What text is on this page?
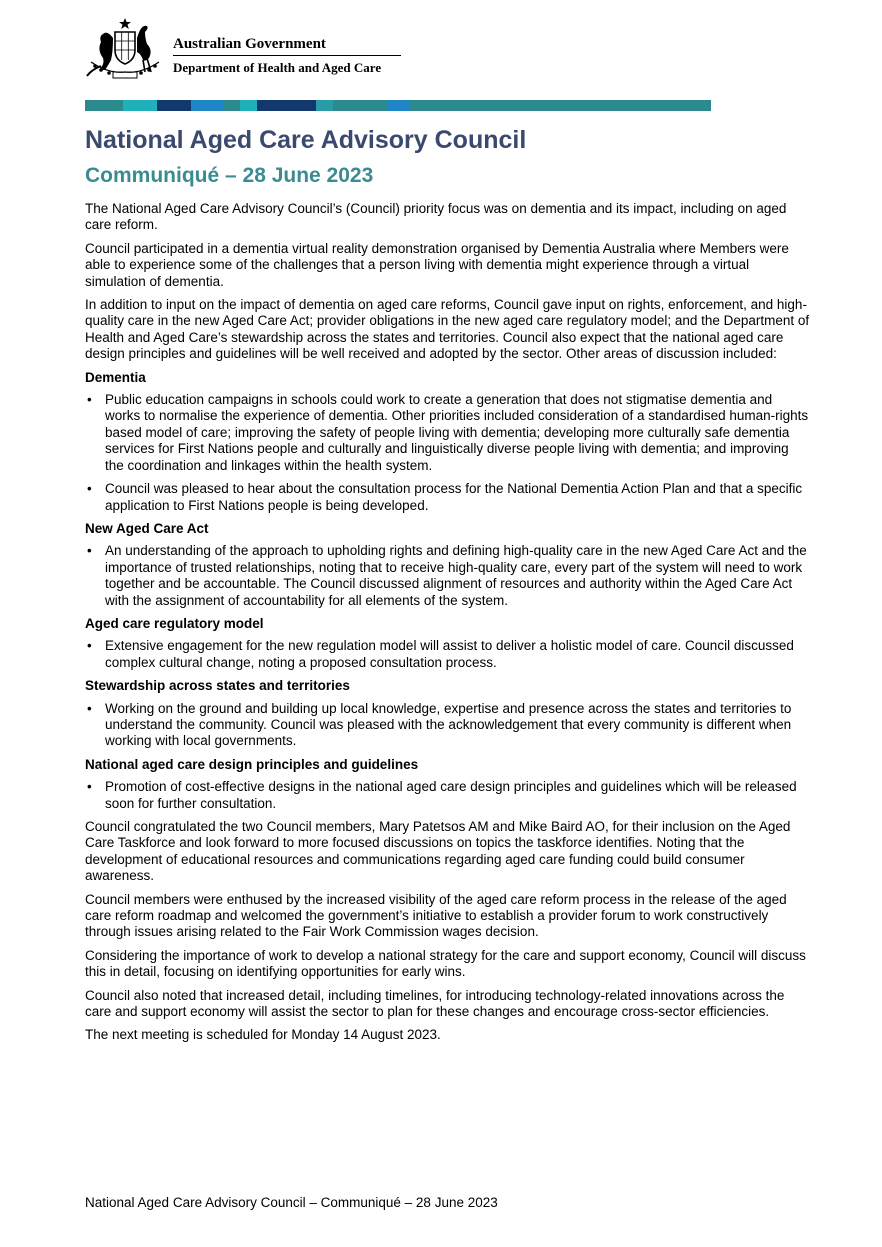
Australian Government
Department of Health and Aged Care
National Aged Care Advisory Council
Communiqué – 28 June 2023

The National Aged Care Advisory Council’s (Council) priority focus was on dementia and its impact, including on aged care reform.

Council participated in a dementia virtual reality demonstration organised by Dementia Australia where Members were able to experience some of the challenges that a person living with dementia might experience through a virtual simulation of dementia.

In addition to input on the impact of dementia on aged care reforms, Council gave input on rights, enforcement, and high-quality care in the new Aged Care Act; provider obligations in the new aged care regulatory model; and the Department of Health and Aged Care’s stewardship across the states and territories. Council also expect that the national aged care design principles and guidelines will be well received and adopted by the sector. Other areas of discussion included:

Dementia
• Public education campaigns in schools could work to create a generation that does not stigmatise dementia and works to normalise the experience of dementia. Other priorities included consideration of a standardised human-rights based model of care; improving the safety of people living with dementia; developing more culturally safe dementia services for First Nations people and culturally and linguistically diverse people living with dementia; and improving the coordination and linkages within the health system.
• Council was pleased to hear about the consultation process for the National Dementia Action Plan and that a specific application to First Nations people is being developed.
New Aged Care Act
• An understanding of the approach to upholding rights and defining high-quality care in the new Aged Care Act and the importance of trusted relationships, noting that to receive high-quality care, every part of the system will need to work together and be accountable. The Council discussed alignment of resources and authority within the Aged Care Act with the assignment of accountability for all elements of the system.
Aged care regulatory model
• Extensive engagement for the new regulation model will assist to deliver a holistic model of care. Council discussed complex cultural change, noting a proposed consultation process.
Stewardship across states and territories
• Working on the ground and building up local knowledge, expertise and presence across the states and territories to understand the community. Council was pleased with the acknowledgement that every community is different when working with local governments.
National aged care design principles and guidelines
• Promotion of cost-effective designs in the national aged care design principles and guidelines which will be released soon for further consultation.

Council congratulated the two Council members, Mary Patetsos AM and Mike Baird AO, for their inclusion on the Aged Care Taskforce and look forward to more focused discussions on topics the taskforce identifies. Noting that the development of educational resources and communications regarding aged care funding could build consumer awareness.

Council members were enthused by the increased visibility of the aged care reform process in the release of the aged care reform roadmap and welcomed the government’s initiative to establish a provider forum to work constructively through issues arising related to the Fair Work Commission wages decision.

Considering the importance of work to develop a national strategy for the care and support economy, Council will discuss this in detail, focusing on identifying opportunities for early wins.

Council also noted that increased detail, including timelines, for introducing technology-related innovations across the care and support economy will assist the sector to plan for these changes and encourage cross-sector efficiencies.

The next meeting is scheduled for Monday 14 August 2023.

National Aged Care Advisory Council – Communiqué – 28 June 2023
